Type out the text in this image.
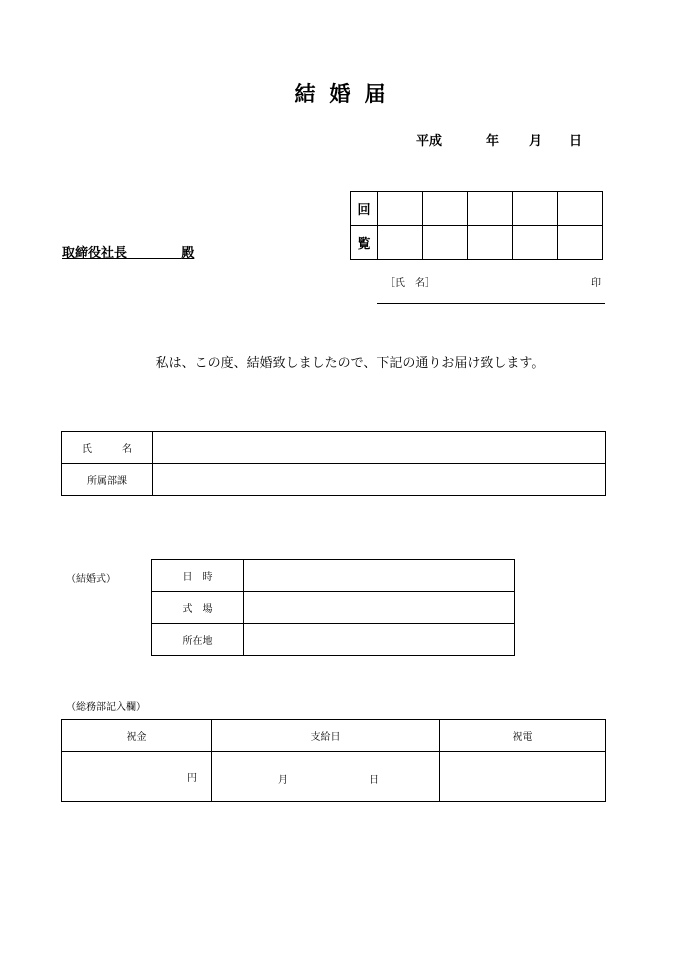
結婚届
平成	年 月 日
取締役社長	殿
回					
覧					
［氏　名］	印
私は、この度、結婚致しましたので、下記の通りお届け致します。
氏　　　名	
所属部課	
（結婚式）	日　時	
式　場	
所在地	
（総務部記入欄）
祝金	支給日	祝電
円	月 日	
